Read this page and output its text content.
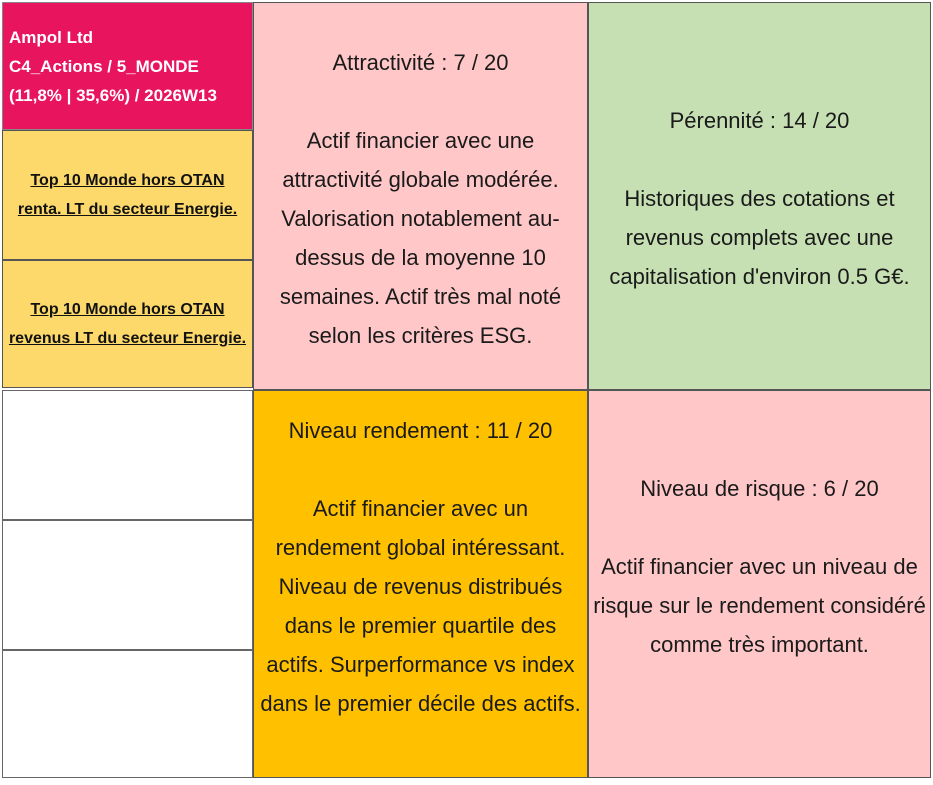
Ampol Ltd
C4_Actions / 5_MONDE
(11,8% | 35,6%) / 2026W13
Top 10 Monde hors OTAN renta. LT du secteur Energie.
Top 10 Monde hors OTAN revenus LT du secteur Energie.
Attractivité : 7 / 20
Actif financier avec une attractivité globale modérée. Valorisation notablement au-dessus de la moyenne 10 semaines. Actif très mal noté selon les critères ESG.
Pérennité : 14 / 20
Historiques des cotations et revenus complets avec une capitalisation d'environ 0.5 G€.
Niveau rendement : 11 / 20
Actif financier avec un rendement global intéressant. Niveau de revenus distribués dans le premier quartile des actifs. Surperformance vs index dans le premier décile des actifs.
Niveau de risque : 6 / 20
Actif financier avec un niveau de risque sur le rendement considéré comme très important.
